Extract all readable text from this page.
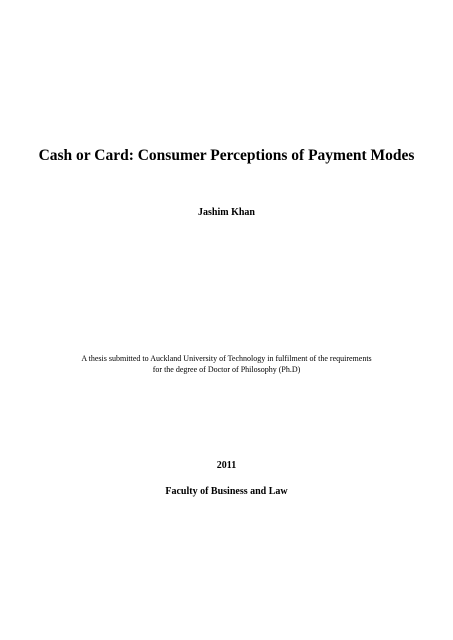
Cash or Card: Consumer Perceptions of Payment Modes

Jashim Khan

A thesis submitted to Auckland University of Technology in fulfilment of the requirements
for the degree of Doctor of Philosophy (Ph.D)

2011

Faculty of Business and Law
